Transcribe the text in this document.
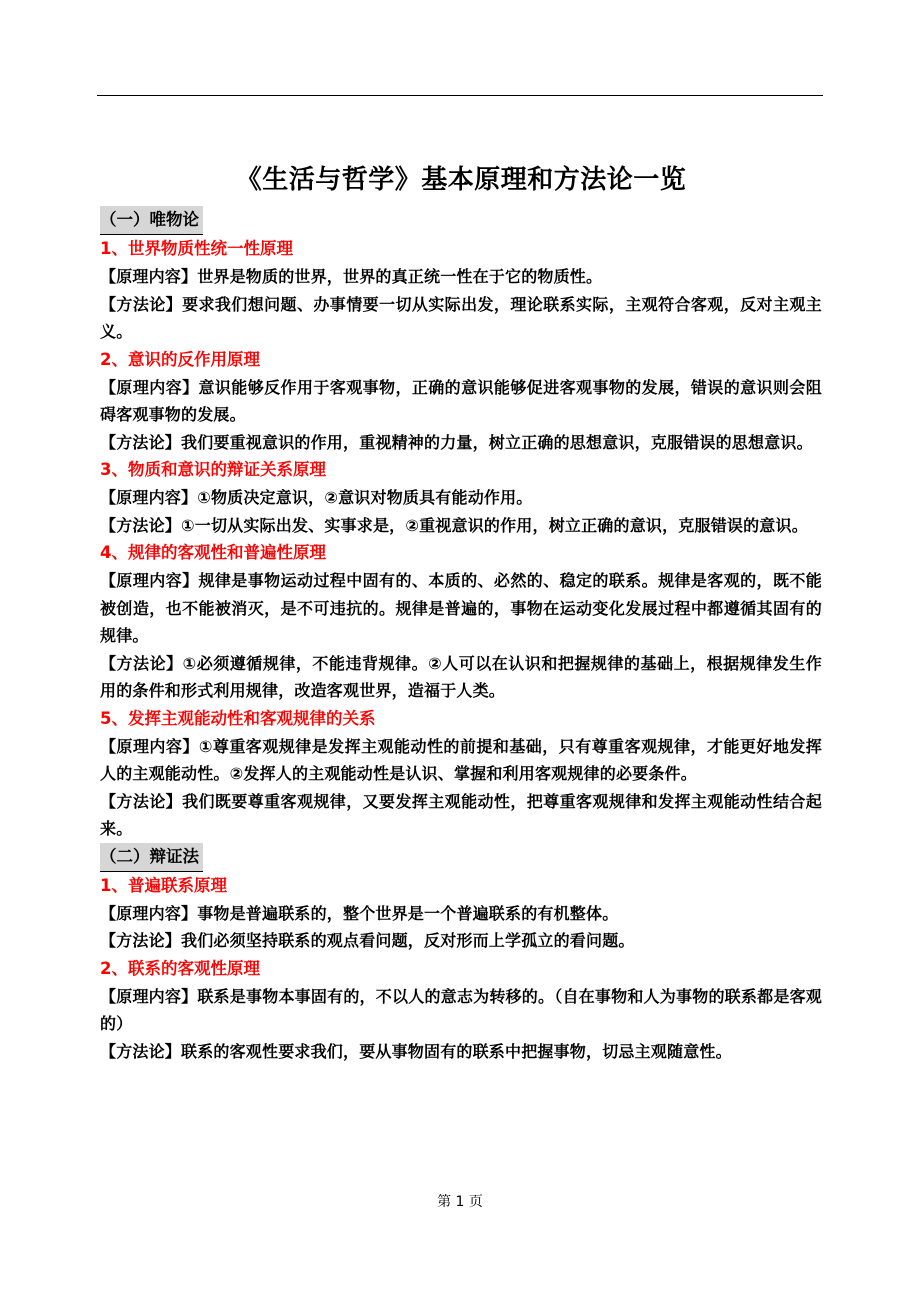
《生活与哲学》基本原理和方法论一览
（一）唯物论

1、世界物质性统一性原理

【原理内容】世界是物质的世界，世界的真正统一性在于它的物质性。

【方法论】要求我们想问题、办事情要一切从实际出发，理论联系实际，主观符合客观，反对主观主义。

2、意识的反作用原理

【原理内容】意识能够反作用于客观事物，正确的意识能够促进客观事物的发展，错误的意识则会阻碍客观事物的发展。

【方法论】我们要重视意识的作用，重视精神的力量，树立正确的思想意识，克服错误的思想意识。

3、物质和意识的辩证关系原理

【原理内容】①物质决定意识，②意识对物质具有能动作用。

【方法论】①一切从实际出发、实事求是，②重视意识的作用，树立正确的意识，克服错误的意识。

4、规律的客观性和普遍性原理

【原理内容】规律是事物运动过程中固有的、本质的、必然的、稳定的联系。规律是客观的，既不能被创造，也不能被消灭，是不可违抗的。规律是普遍的，事物在运动变化发展过程中都遵循其固有的规律。

【方法论】①必须遵循规律，不能违背规律。②人可以在认识和把握规律的基础上，根据规律发生作用的条件和形式利用规律，改造客观世界，造福于人类。

5、发挥主观能动性和客观规律的关系

【原理内容】①尊重客观规律是发挥主观能动性的前提和基础，只有尊重客观规律，才能更好地发挥人的主观能动性。②发挥人的主观能动性是认识、掌握和利用客观规律的必要条件。

【方法论】我们既要尊重客观规律，又要发挥主观能动性，把尊重客观规律和发挥主观能动性结合起来。

（二）辩证法

1、普遍联系原理

【原理内容】事物是普遍联系的，整个世界是一个普遍联系的有机整体。

【方法论】我们必须坚持联系的观点看问题，反对形而上学孤立的看问题。

2、联系的客观性原理

【原理内容】联系是事物本事固有的，不以人的意志为转移的。（自在事物和人为事物的联系都是客观的）

【方法论】联系的客观性要求我们，要从事物固有的联系中把握事物，切忌主观随意性。

第 1 页
